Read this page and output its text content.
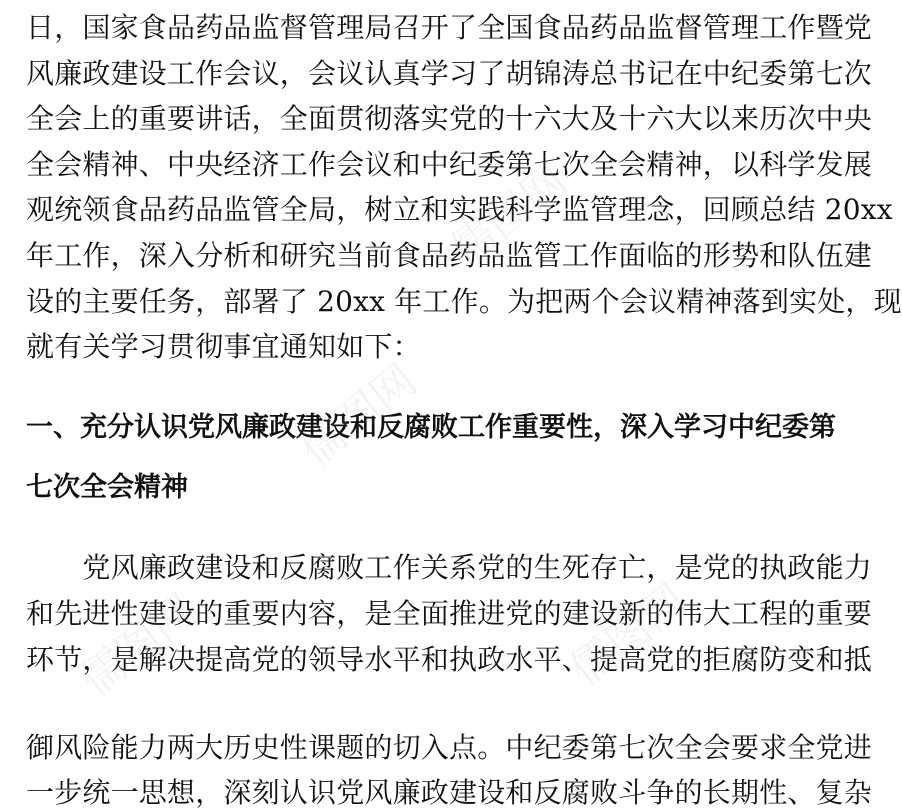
日，国家食品药品监督管理局召开了全国食品药品监督管理工作暨党
风廉政建设工作会议，会议认真学习了胡锦涛总书记在中纪委第七次
全会上的重要讲话，全面贯彻落实党的十六大及十六大以来历次中央
全会精神、中央经济工作会议和中纪委第七次全会精神，以科学发展
观统领食品药品监管全局，树立和实践科学监管理念，回顾总结 20xx
年工作，深入分析和研究当前食品药品监管工作面临的形势和队伍建
设的主要任务，部署了 20xx 年工作。为把两个会议精神落到实处，现
就有关学习贯彻事宜通知如下：
一、充分认识党风廉政建设和反腐败工作重要性，深入学习中纪委第
七次全会精神
　　党风廉政建设和反腐败工作关系党的生死存亡，是党的执政能力
和先进性建设的重要内容，是全面推进党的建设新的伟大工程的重要
环节，是解决提高党的领导水平和执政水平、提高党的拒腐防变和抵
御风险能力两大历史性课题的切入点。中纪委第七次全会要求全党进
一步统一思想，深刻认识党风廉政建设和反腐败斗争的长期性、复杂
儒图网
儒图网
儒图网	儒图网
